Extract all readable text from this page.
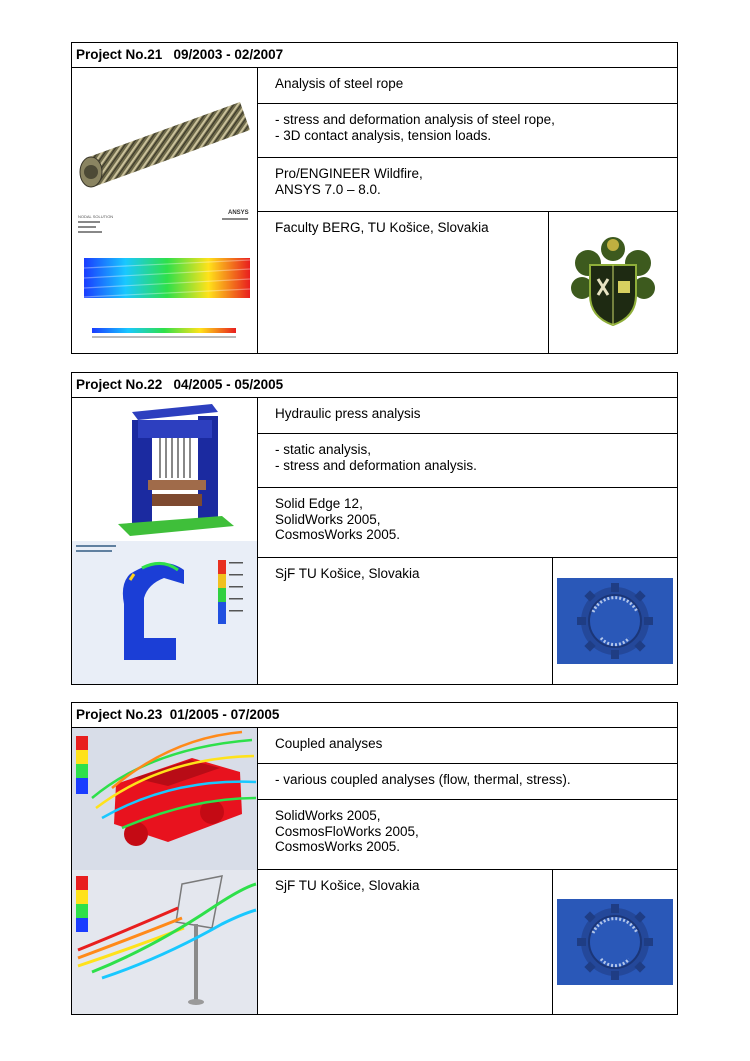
Project No.21   09/2003 - 02/2007
NODAL SOLUTION
ANSYS
Analysis of steel rope
- stress and deformation analysis of steel rope,
- 3D contact analysis, tension loads.
Pro/ENGINEER Wildfire,
ANSYS 7.0 – 8.0.
Faculty BERG, TU Košice, Slovakia
Project No.22   04/2005 - 05/2005
Hydraulic press analysis
- static analysis,
- stress and deformation analysis.
Solid Edge 12,
SolidWorks 2005,
CosmosWorks 2005.
SjF TU Košice, Slovakia
Project No.23  01/2005 - 07/2005
Coupled analyses
- various coupled analyses (flow, thermal, stress).
SolidWorks 2005,
CosmosFloWorks 2005,
CosmosWorks 2005.
SjF TU Košice, Slovakia
